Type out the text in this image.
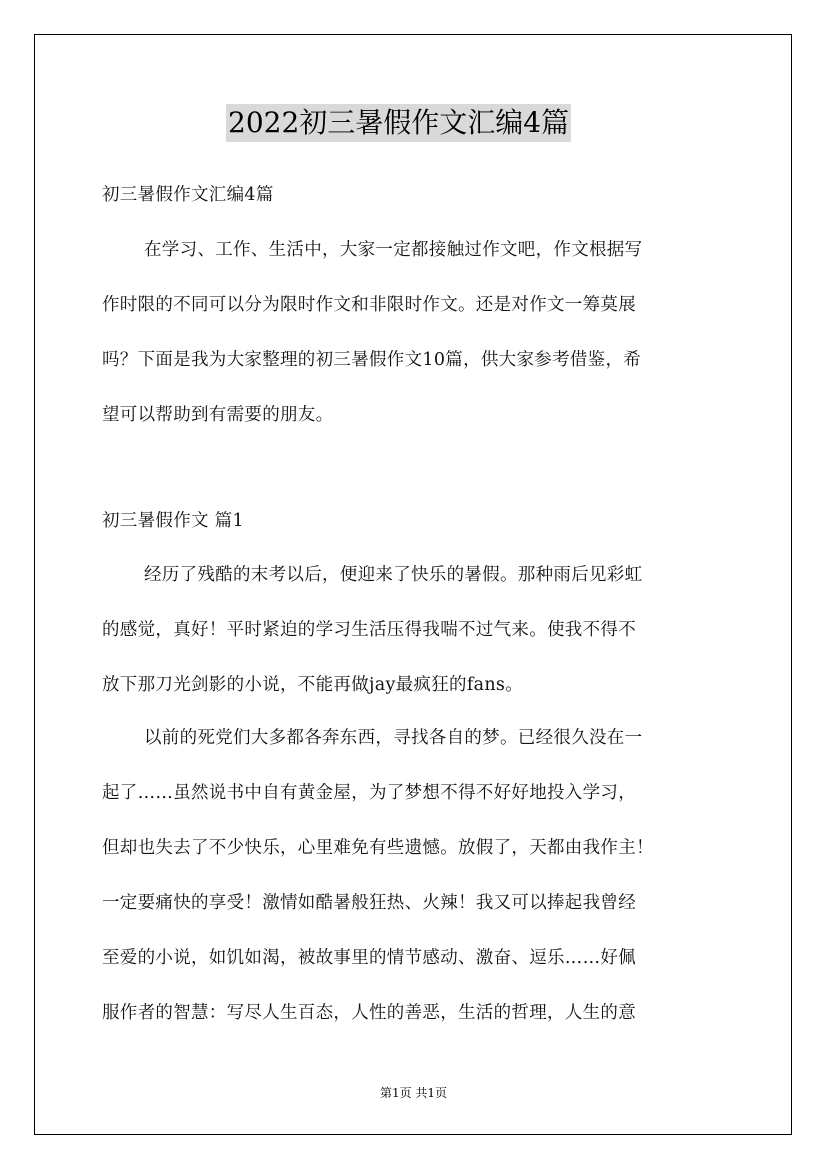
2022初三暑假作文汇编4篇
初三暑假作文汇编4篇
在学习、工作、生活中，大家一定都接触过作文吧，作文根据写
作时限的不同可以分为限时作文和非限时作文。还是对作文一筹莫展
吗？下面是我为大家整理的初三暑假作文10篇，供大家参考借鉴，希
望可以帮助到有需要的朋友。
初三暑假作文 篇1
经历了残酷的末考以后，便迎来了快乐的暑假。那种雨后见彩虹
的感觉，真好！平时紧迫的学习生活压得我喘不过气来。使我不得不
放下那刀光剑影的小说，不能再做jay最疯狂的fans。
以前的死党们大多都各奔东西，寻找各自的梦。已经很久没在一
起了……虽然说书中自有黄金屋，为了梦想不得不好好地投入学习，
但却也失去了不少快乐，心里难免有些遗憾。放假了，天都由我作主！
一定要痛快的享受！激情如酷暑般狂热、火辣！我又可以捧起我曾经
至爱的小说，如饥如渴，被故事里的情节感动、激奋、逗乐……好佩
服作者的智慧：写尽人生百态，人性的善恶，生活的哲理，人生的意
第1页 共1页
